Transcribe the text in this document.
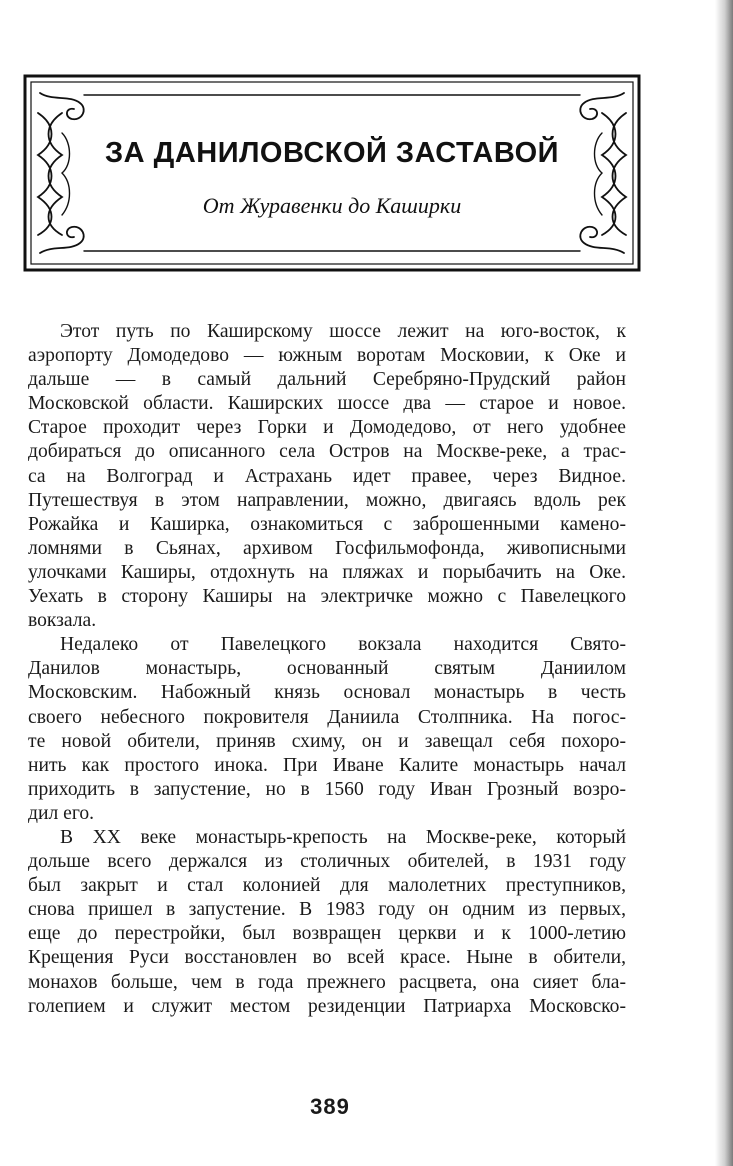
ЗА ДАНИЛОВСКОЙ ЗАСТАВОЙ
От Журавенки до Каширки
Этот путь по Каширскому шоссе лежит на юго-восток, к
аэропорту Домодедово — южным воротам Московии, к Оке и
дальше — в самый дальний Серебряно-Прудский район
Московской области. Каширских шоссе два — старое и новое.
Старое проходит через Горки и Домодедово, от него удобнее
добираться до описанного села Остров на Москве-реке, а трас-
са на Волгоград и Астрахань идет правее, через Видное.
Путешествуя в этом направлении, можно, двигаясь вдоль рек
Рожайка и Каширка, ознакомиться с заброшенными камено-
ломнями в Сьянах, архивом Госфильмофонда, живописными
улочками Каширы, отдохнуть на пляжах и порыбачить на Оке.
Уехать в сторону Каширы на электричке можно с Павелецкого
вокзала.
Недалеко от Павелецкого вокзала находится Свято-
Данилов монастырь, основанный святым Даниилом
Московским. Набожный князь основал монастырь в честь
своего небесного покровителя Даниила Столпника. На погос-
те новой обители, приняв схиму, он и завещал себя похоро-
нить как простого инока. При Иване Калите монастырь начал
приходить в запустение, но в 1560 году Иван Грозный возро-
дил его.
В XX веке монастырь-крепость на Москве-реке, который
дольше всего держался из столичных обителей, в 1931 году
был закрыт и стал колонией для малолетних преступников,
снова пришел в запустение. В 1983 году он одним из первых,
еще до перестройки, был возвращен церкви и к 1000-летию
Крещения Руси восстановлен во всей красе. Ныне в обители,
монахов больше, чем в года прежнего расцвета, она сияет бла-
голепием и служит местом резиденции Патриарха Московско-
389
